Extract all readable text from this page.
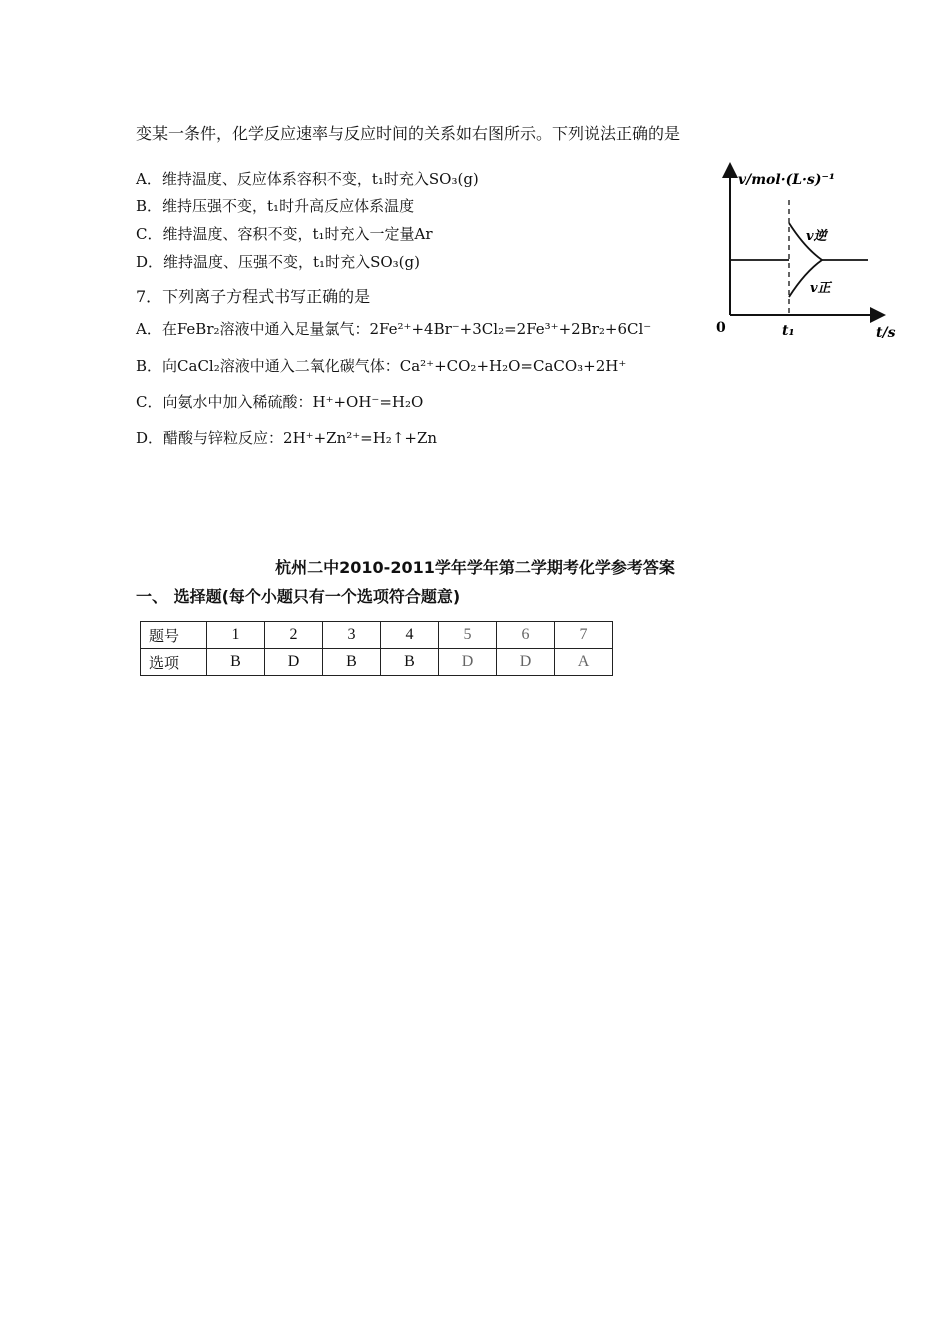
变某一条件，化学反应速率与反应时间的关系如右图所示。下列说法正确的是
A．维持温度、反应体系容积不变，t₁时充入SO₃(g)
B．维持压强不变，t₁时升高反应体系温度
C．维持温度、容积不变，t₁时充入一定量Ar
D．维持温度、压强不变，t₁时充入SO₃(g)
7．下列离子方程式书写正确的是
A．在FeBr₂溶液中通入足量氯气：2Fe²⁺+4Br⁻+3Cl₂=2Fe³⁺+2Br₂+6Cl⁻
B．向CaCl₂溶液中通入二氧化碳气体：Ca²⁺+CO₂+H₂O=CaCO₃+2H⁺
C．向氨水中加入稀硫酸：H⁺+OH⁻=H₂O
D．醋酸与锌粒反应：2H⁺+Zn²⁺=H₂↑+Zn
v/mol·(L·s)⁻¹
0	t₁	t/s
v逆
v正
杭州二中2010-2011学年学年第二学期考化学参考答案
一、 选择题(每个小题只有一个选项符合题意)
题号	1	2	3	4	5	6	7
选项	B	D	B	B	D	D	A
